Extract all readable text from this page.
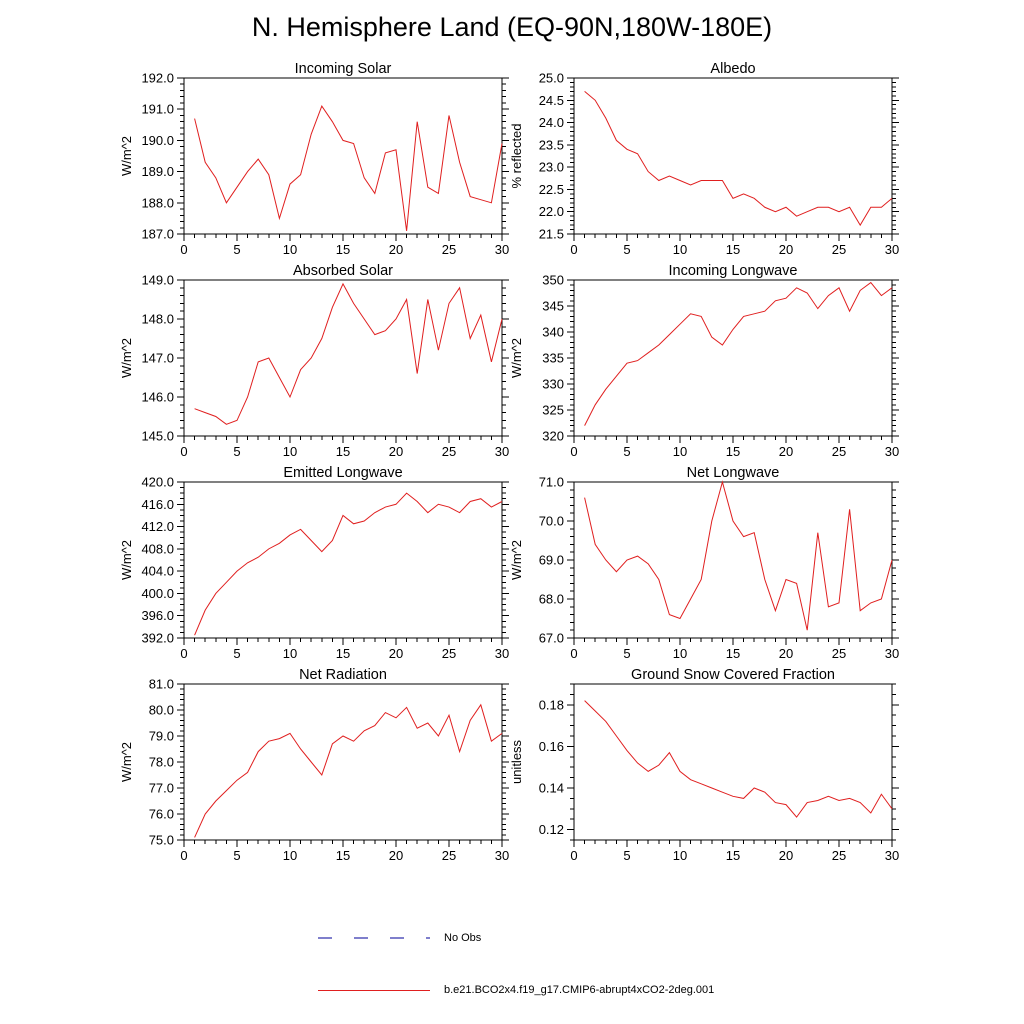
N. Hemisphere Land (EQ-90N,180W-180E)
Incoming Solar
W/m^2
0	5	10	15	20	25	30
187.0
188.0
189.0
190.0
191.0
192.0
Albedo
% reflected
0	5	10	15	20	25	30
21.5
22.0
22.5
23.0
23.5
24.0
24.5
25.0
Absorbed Solar
W/m^2
0	5	10	15	20	25	30
145.0
146.0
147.0
148.0
149.0
Incoming Longwave
W/m^2
0	5	10	15	20	25	30
320
325
330
335
340
345
350
Emitted Longwave
W/m^2
0	5	10	15	20	25	30
392.0
396.0
400.0
404.0
408.0
412.0
416.0
420.0
Net Longwave
W/m^2
0	5	10	15	20	25	30
67.0
68.0
69.0
70.0
71.0
Net Radiation
W/m^2
0	5	10	15	20	25	30
75.0
76.0
77.0
78.0
79.0
80.0
81.0
Ground Snow Covered Fraction
unitless
0	5	10	15	20	25	30
0.12
0.14
0.16
0.18
No Obs
b.e21.BCO2x4.f19_g17.CMIP6-abrupt4xCO2-2deg.001
